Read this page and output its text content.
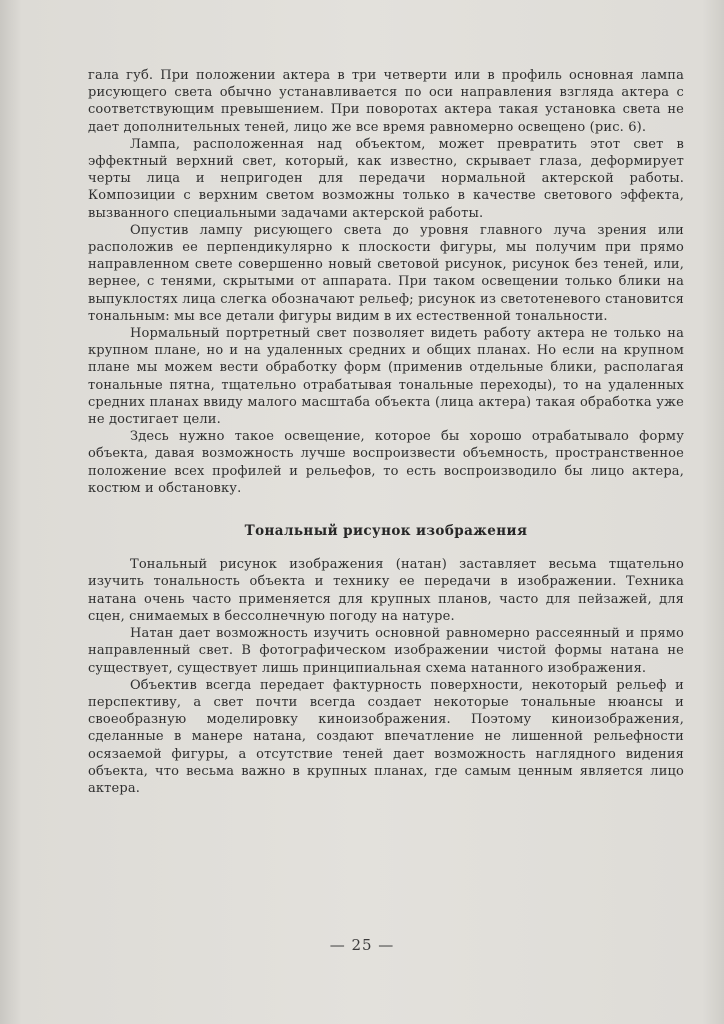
гала губ. При положении актера в три четверти или в профиль основная лампа рисующего света обычно устанавливается по оси направления взгляда актера с соответствующим превышением. При поворотах актера такая установка света не дает дополнительных теней, лицо же все время равномерно освещено (рис. 6).

Лампа, расположенная над объектом, может превратить этот свет в эффектный верхний свет, который, как известно, скрывает глаза, деформирует черты лица и непригоден для передачи нормальной актерской работы. Композиции с верхним светом возможны только в качестве светового эффекта, вызванного специальными задачами актерской работы.

Опустив лампу рисующего света до уровня главного луча зрения или расположив ее перпендикулярно к плоскости фигуры, мы получим при прямо направленном свете совершенно новый световой рисунок, рисунок без теней, или, вернее, с тенями, скрытыми от аппарата. При таком освещении только блики на выпуклостях лица слегка обозначают рельеф; рисунок из светотеневого становится тональным: мы все детали фигуры видим в их естественной тональности.

Нормальный портретный свет позволяет видеть работу актера не только на крупном плане, но и на удаленных средних и общих планах. Но если на крупном плане мы можем вести обработку форм (применив отдельные блики, располагая тональные пятна, тщательно отрабатывая тональные переходы), то на удаленных средних планах ввиду малого масштаба объекта (лица актера) такая обработка уже не достигает цели.

Здесь нужно такое освещение, которое бы хорошо отрабатывало форму объекта, давая возможность лучше воспроизвести объемность, пространственное положение всех профилей и рельефов, то есть воспроизводило бы лицо актера, костюм и обстановку.

Тональный рисунок изображения

Тональный рисунок изображения (натан) заставляет весьма тщательно изучить тональность объекта и технику ее передачи в изображении. Техника натана очень часто применяется для крупных планов, часто для пейзажей, для сцен, снимаемых в бессолнечную погоду на натуре.

Натан дает возможность изучить основной равномерно рассеянный и прямо направленный свет. В фотографическом изображении чистой формы натана не существует, существует лишь принципиальная схема натанного изображения.

Объектив всегда передает фактурность поверхности, некоторый рельеф и перспективу, а свет почти всегда создает некоторые тональные нюансы и своеобразную моделировку киноизображения. Поэтому киноизображения, сделанные в манере натана, создают впечатление не лишенной рельефности осязаемой фигуры, а отсутствие теней дает возможность наглядного видения объекта, что весьма важно в крупных планах, где самым ценным является лицо актера.

— 25 —
